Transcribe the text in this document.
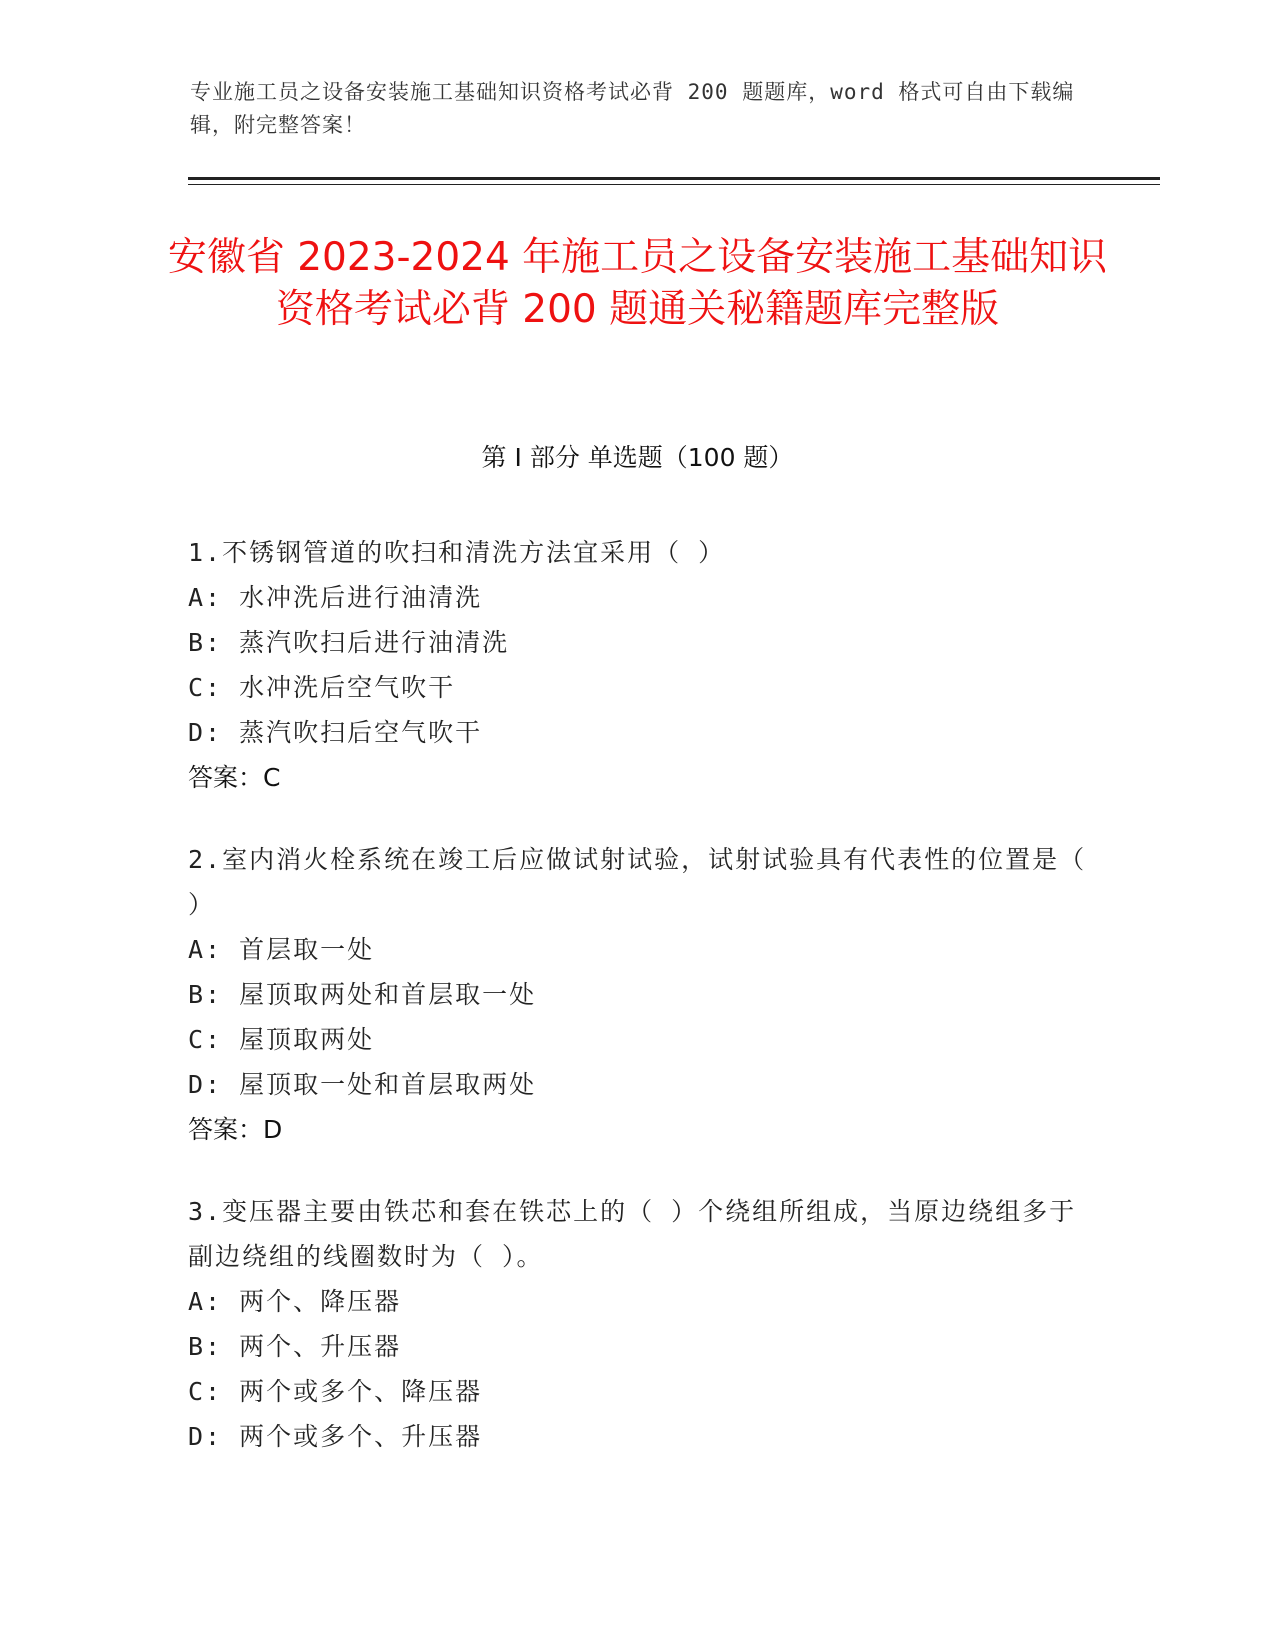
专业施工员之设备安装施工基础知识资格考试必背 200 题题库，word 格式可自由下载编辑，附完整答案！
安徽省 2023-2024 年施工员之设备安装施工基础知识资格考试必背 200 题通关秘籍题库完整版
第 I 部分 单选题（100 题）
1.不锈钢管道的吹扫和清洗方法宜采用（ ）
A: 水冲洗后进行油清洗
B: 蒸汽吹扫后进行油清洗
C: 水冲洗后空气吹干
D: 蒸汽吹扫后空气吹干
答案：C
2.室内消火栓系统在竣工后应做试射试验，试射试验具有代表性的位置是（ ）
A: 首层取一处
B: 屋顶取两处和首层取一处
C: 屋顶取两处
D: 屋顶取一处和首层取两处
答案：D
3.变压器主要由铁芯和套在铁芯上的（ ）个绕组所组成，当原边绕组多于副边绕组的线圈数时为（ ）。
A: 两个、降压器
B: 两个、升压器
C: 两个或多个、降压器
D: 两个或多个、升压器
